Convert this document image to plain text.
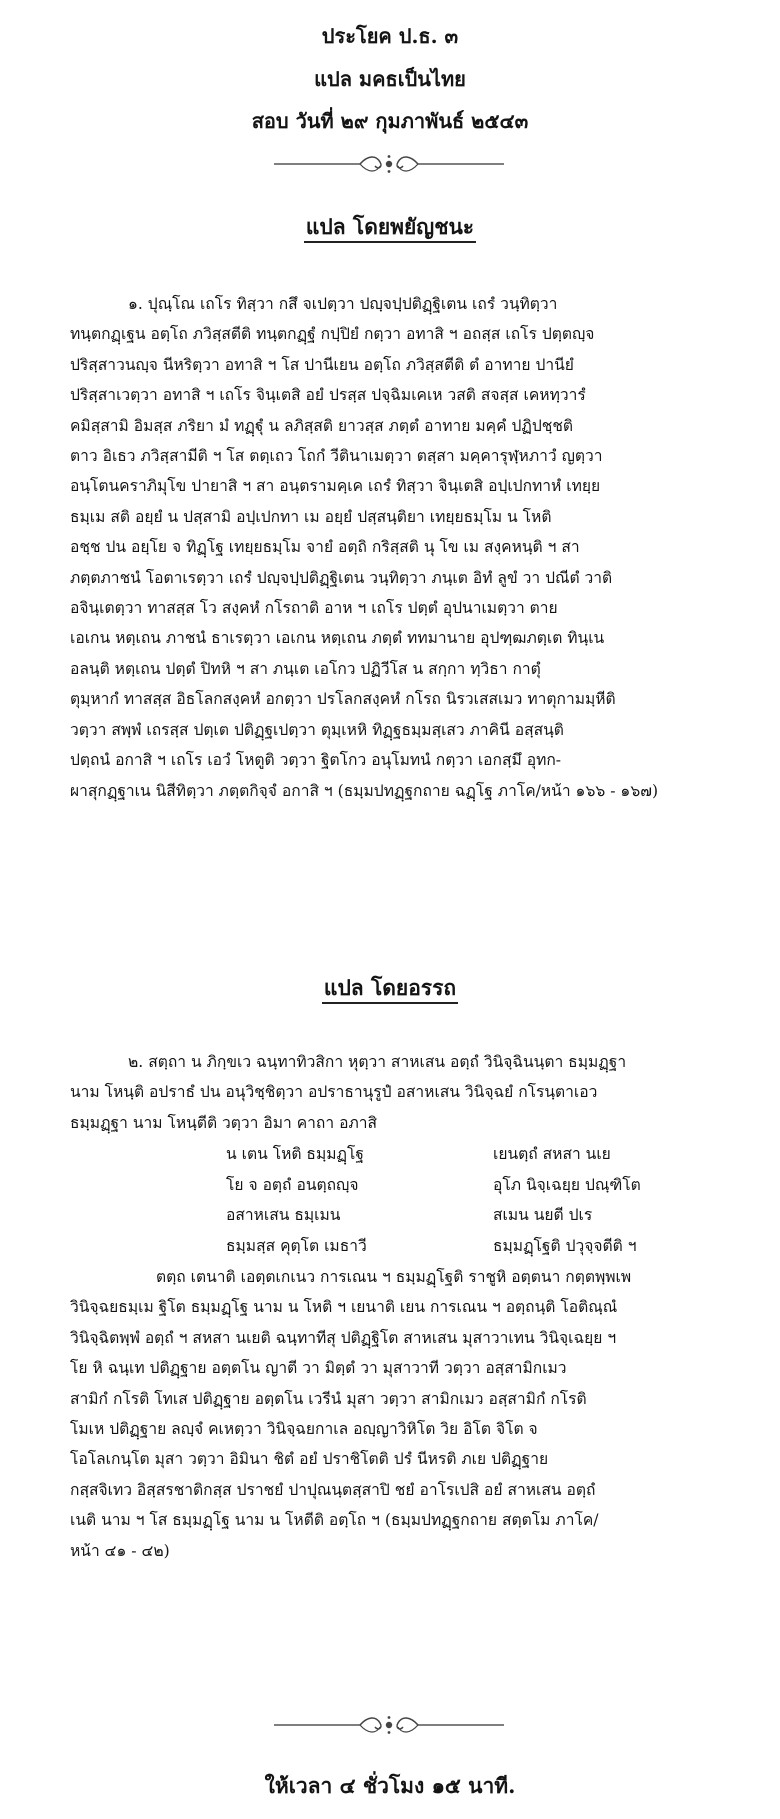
ประโยค ป.ธ. ๓
แปล มคธเป็นไทย
สอบ วันที่ ๒๙ กุมภาพันธ์ ๒๕๔๓
แปล โดยพยัญชนะ

๑. ปุณฺโณ เถโร ทิสฺวา กสึ จเปตฺวา ปญฺจปฺปติฏฺฐิเตน เถรํ วนฺทิตฺวา
ทนฺตกฏฺเฐน อตฺโถ ภวิสฺสตีติ ทนฺตกฏฺฐํ กปฺปิยํ กตฺวา อทาสิ ฯ อถสฺส เถโร ปตฺตญฺจ
ปริสฺสาวนญฺจ นีหริตฺวา อทาสิ ฯ โส ปานีเยน อตฺโถ ภวิสฺสตีติ ตํ อาทาย ปานียํ
ปริสฺสาเวตฺวา อทาสิ ฯ เถโร จินฺเตสิ อยํ ปรสฺส ปจฺฉิมเคเห วสติ สจสฺส เคหทฺวารํ
คมิสฺสามิ อิมสฺส ภริยา มํ ทฏฺฐุํ น ลภิสฺสติ ยาวสฺส ภตฺตํ อาทาย มคฺคํ ปฏิปชฺชติ
ตาว อิเธว ภวิสฺสามีติ ฯ โส ตตฺเถว โถกํ วีตินาเมตฺวา ตสฺสา มคฺคารุฬฺหภาวํ ญตฺวา
อนฺโตนคราภิมุโข ปายาสิ ฯ สา อนฺตรามคฺเค เถรํ ทิสฺวา จินฺเตสิ อปฺเปกทาหํ เทยฺย
ธมฺเม สติ อยฺยํ น ปสฺสามิ อปฺเปกทา เม อยฺยํ ปสฺสนฺติยา เทยฺยธมฺโม น โหติ
อชฺช ปน อยฺโย จ ทิฏฺโฐ เทยฺยธมฺโม จายํ อตฺถิ กริสฺสติ นุ โข เม สงฺคหนฺติ ฯ สา
ภตฺตภาชนํ โอตาเรตฺวา เถรํ ปญฺจปฺปติฏฺฐิเตน วนฺทิตฺวา ภนฺเต อิทํ ลูขํ วา ปณีตํ วาติ
อจินฺเตตฺวา ทาสสฺส โว สงฺคหํ กโรถาติ อาห ฯ เถโร ปตฺตํ อุปนาเมตฺวา ตาย
เอเกน หตฺเถน ภาชนํ ธาเรตฺวา เอเกน หตฺเถน ภตฺตํ ททมานาย อุปฑฺฒภตฺเต ทินฺเน
อลนฺติ หตฺเถน ปตฺตํ ปิทหิ ฯ สา ภนฺเต เอโกว ปฏิวีโส น สกฺกา ทฺวิธา กาตุํ
ตุมฺหากํ ทาสสฺส อิธโลกสงฺคหํ อกตฺวา ปรโลกสงฺคหํ กโรถ นิรวเสสเมว ทาตุกามมฺหีติ
วตฺวา สพฺพํ เถรสฺส ปตฺเต ปติฏฺฐเปตฺวา ตุมฺเหหิ ทิฏฺฐธมฺมสฺเสว ภาคินี อสฺสนฺติ
ปตฺถนํ อกาสิ ฯ เถโร เอวํ โหตูติ วตฺวา ฐิตโกว อนุโมทนํ กตฺวา เอกสฺมึ อุทก-
ผาสุกฏฺฐาเน นิสีทิตฺวา ภตฺตกิจฺจํ อกาสิ ฯ (ธมฺมปทฏฺฐกถาย ฉฏฺโฐ ภาโค/หน้า ๑๖๖ - ๑๖๗)

แปล โดยอรรถ

๒. สตฺถา น ภิกฺขเว ฉนฺทาทิวสิกา หุตฺวา สาหเสน อตฺถํ วินิจฺฉินนฺตา ธมฺมฏฺฐา
นาม โหนฺติ อปราธํ ปน อนุวิชฺชิตฺวา อปราธานุรูปํ อสาหเสน วินิจฺฉยํ กโรนฺตาเอว
ธมฺมฏฺฐา นาม โหนฺตีติ วตฺวา อิมา คาถา อภาสิ

น เตน โหติ ธมฺมฏฺโฐ	เยนตฺถํ สหสา นเย
โย จ อตฺถํ อนตฺถญฺจ	อุโภ นิจฺเฉยฺย ปณฺฑิโต
อสาหเสน ธมฺเมน	สเมน นยตี ปเร
ธมฺมสฺส คุตฺโต เมธาวี	ธมฺมฏฺโฐติ ปวุจฺจตีติ ฯ

ตตฺถ เตนาติ เอตฺตเกเนว การเณน ฯ ธมฺมฏฺโฐติ ราชูหิ อตฺตนา กตฺตพฺพเพ
วินิจฺฉยธมฺเม ฐิโต ธมฺมฏฺโฐ นาม น โหติ ฯ เยนาติ เยน การเณน ฯ อตฺถนฺติ โอติณฺณํ
วินิจฺฉิตพฺพํ อตฺถํ ฯ สหสา นเยติ ฉนฺทาทีสุ ปติฏฺฐิโต สาหเสน มุสาวาเทน วินิจฺเฉยฺย ฯ
โย หิ ฉนฺเท ปติฏฺฐาย อตฺตโน ญาตี วา มิตฺตํ วา มุสาวาที วตฺวา อสฺสามิกเมว
สามิกํ กโรติ โทเส ปติฏฺฐาย อตฺตโน เวรีนํ มุสา วตฺวา สามิกเมว อสฺสามิกํ กโรติ
โมเห ปติฏฺฐาย ลญฺจํ คเหตฺวา วินิจฺฉยกาเล อญฺญาวิหิโต วิย อิโต จิโต จ
โอโลเกนฺโต มุสา วตฺวา อิมินา ชิตํ อยํ ปราชิโตติ ปรํ นีหรติ ภเย ปติฏฺฐาย
กสฺสจิเทว อิสฺสรชาติกสฺส ปราชยํ ปาปุณนฺตสฺสาปิ ชยํ อาโรเปสิ อยํ สาหเสน อตฺถํ
เนติ นาม ฯ โส ธมฺมฏฺโฐ นาม น โหตีติ อตฺโถ ฯ (ธมฺมปทฏฺฐกถาย สตฺตโม ภาโค/
หน้า ๔๑ - ๔๒)

ให้เวลา ๔ ชั่วโมง ๑๕ นาที.
